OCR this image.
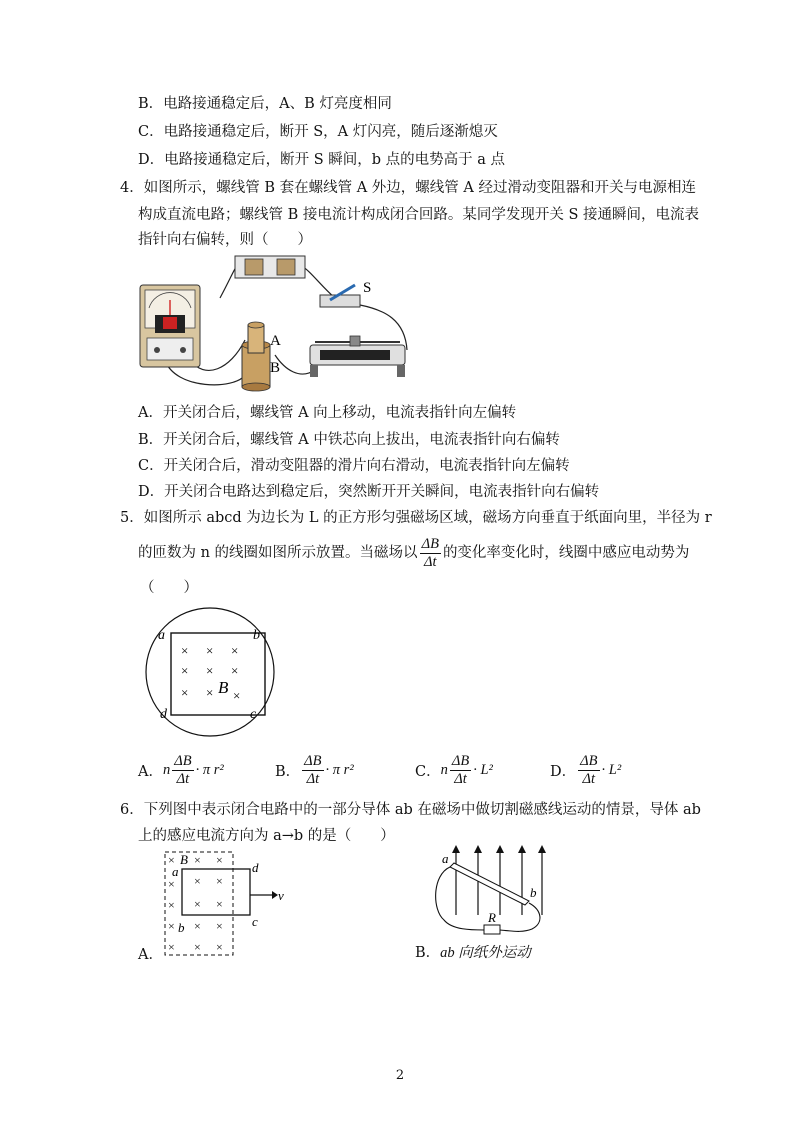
B．电路接通稳定后，A、B 灯亮度相同
C．电路接通稳定后，断开 S，A 灯闪亮，随后逐渐熄灭
D．电路接通稳定后，断开 S 瞬间，b 点的电势高于 a 点
4．如图所示，螺线管 B 套在螺线管 A 外边，螺线管 A 经过滑动变阻器和开关与电源相连
构成直流电路；螺线管 B 接电流计构成闭合回路。某同学发现开关 S 接通瞬间，电流表
指针向右偏转，则（　　）
S
A
B
A．开关闭合后，螺线管 A 向上移动，电流表指针向左偏转
B．开关闭合后，螺线管 A 中铁芯向上拔出，电流表指针向右偏转
C．开关闭合后，滑动变阻器的滑片向右滑动，电流表指针向左偏转
D．开关闭合电路达到稳定后，突然断开开关瞬间，电流表指针向右偏转
5．如图所示 abcd 为边长为 L 的正方形匀强磁场区域，磁场方向垂直于纸面向里，半径为 r
的匝数为 n 的线圈如图所示放置。当磁场以 $\frac{\Delta B}{\Delta t}$ 的变化率变化时，线圈中感应电动势为
（　　）
a	b
c
d
× × ×
× × ×
× × ×
B
A． n $\frac{\Delta B}{\Delta t} \cdot \pi$ r²	B． $\frac{\Delta B}{\Delta t} \cdot \pi$ r²	C． n $\frac{\Delta B}{\Delta t} \cdot L^2$	D． $\frac{\Delta B}{\Delta t} \cdot L^2$
6．下列图中表示闭合电路中的一部分导体 ab 在磁场中做切割磁感线运动的情景，导体 ab
上的感应电流方向为 a→b 的是（　　）
× × ×
× × ×
× × ×
× × ×
× × ×
B
a
b
d
c
v
A．
a
b
R
B．ab 向纸外运动
2
